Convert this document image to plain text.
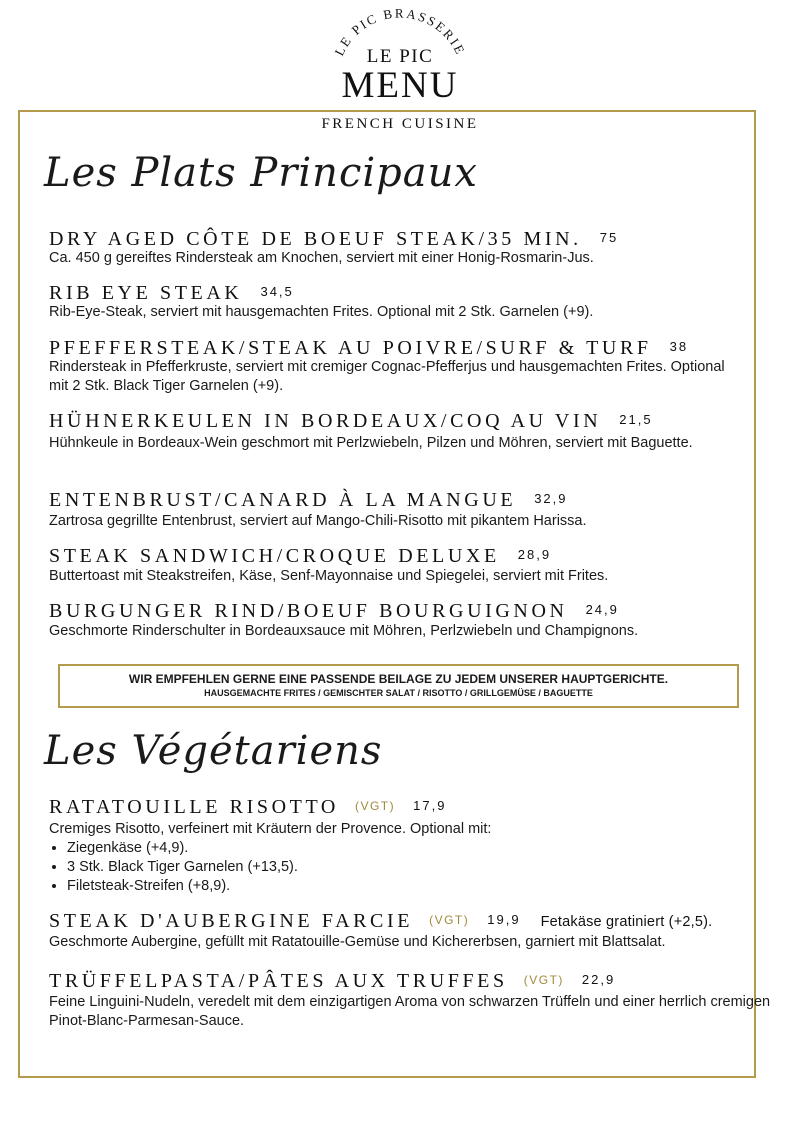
LE PIC BRASSERIE
LE PIC
MENU
FRENCH CUISINE
Les Plats Principaux
DRY AGED CÔTE DE BOEUF STEAK/35 MIN. 75
Ca. 450 g gereiftes Rindersteak am Knochen, serviert mit einer Honig-Rosmarin-Jus.
RIB EYE STEAK 34,5
Rib-Eye-Steak, serviert mit hausgemachten Frites. Optional mit 2 Stk. Garnelen (+9).
PFEFFERSTEAK/STEAK AU POIVRE/SURF & TURF 38
Rindersteak in Pfefferkruste, serviert mit cremiger Cognac-Pfefferjus und hausgemachten Frites. Optional mit 2 Stk. Black Tiger Garnelen (+9).
HÜHNERKEULEN IN BORDEAUX/COQ AU VIN 21,5
Hühnkeule in Bordeaux-Wein geschmort mit Perlzwiebeln, Pilzen und Möhren, serviert mit Baguette.
ENTENBRUST/CANARD À LA MANGUE 32,9
Zartrosa gegrillte Entenbrust, serviert auf Mango-Chili-Risotto mit pikantem Harissa.
STEAK SANDWICH/CROQUE DELUXE 28,9
Buttertoast mit Steakstreifen, Käse, Senf-Mayonnaise und Spiegelei, serviert mit Frites.
BURGUNGER RIND/BOEUF BOURGUIGNON 24,9
Geschmorte Rinderschulter in Bordeauxsauce mit Möhren, Perlzwiebeln und Champignons.
WIR EMPFEHLEN GERNE EINE PASSENDE BEILAGE ZU JEDEM UNSERER HAUPTGERICHTE.
HAUSGEMACHTE FRITES / GEMISCHTER SALAT / RISOTTO / GRILLGEMÜSE / BAGUETTE
Les Végétariens
RATATOUILLE RISOTTO (VGT) 17,9
Cremiges Risotto, verfeinert mit Kräutern der Provence. Optional mit:
• Ziegenkäse (+4,9).
• 3 Stk. Black Tiger Garnelen (+13,5).
• Filetsteak-Streifen (+8,9).
STEAK D'AUBERGINE FARCIE (VGT) 19,9 Fetakäse gratiniert (+2,5).
Geschmorte Aubergine, gefüllt mit Ratatouille-Gemüse und Kichererbsen, garniert mit Blattsalat.
TRÜFFELPASTA/PÂTES AUX TRUFFES (VGT) 22,9
Feine Linguini-Nudeln, veredelt mit dem einzigartigen Aroma von schwarzen Trüffeln und einer herrlich cremigen Pinot-Blanc-Parmesan-Sauce.
